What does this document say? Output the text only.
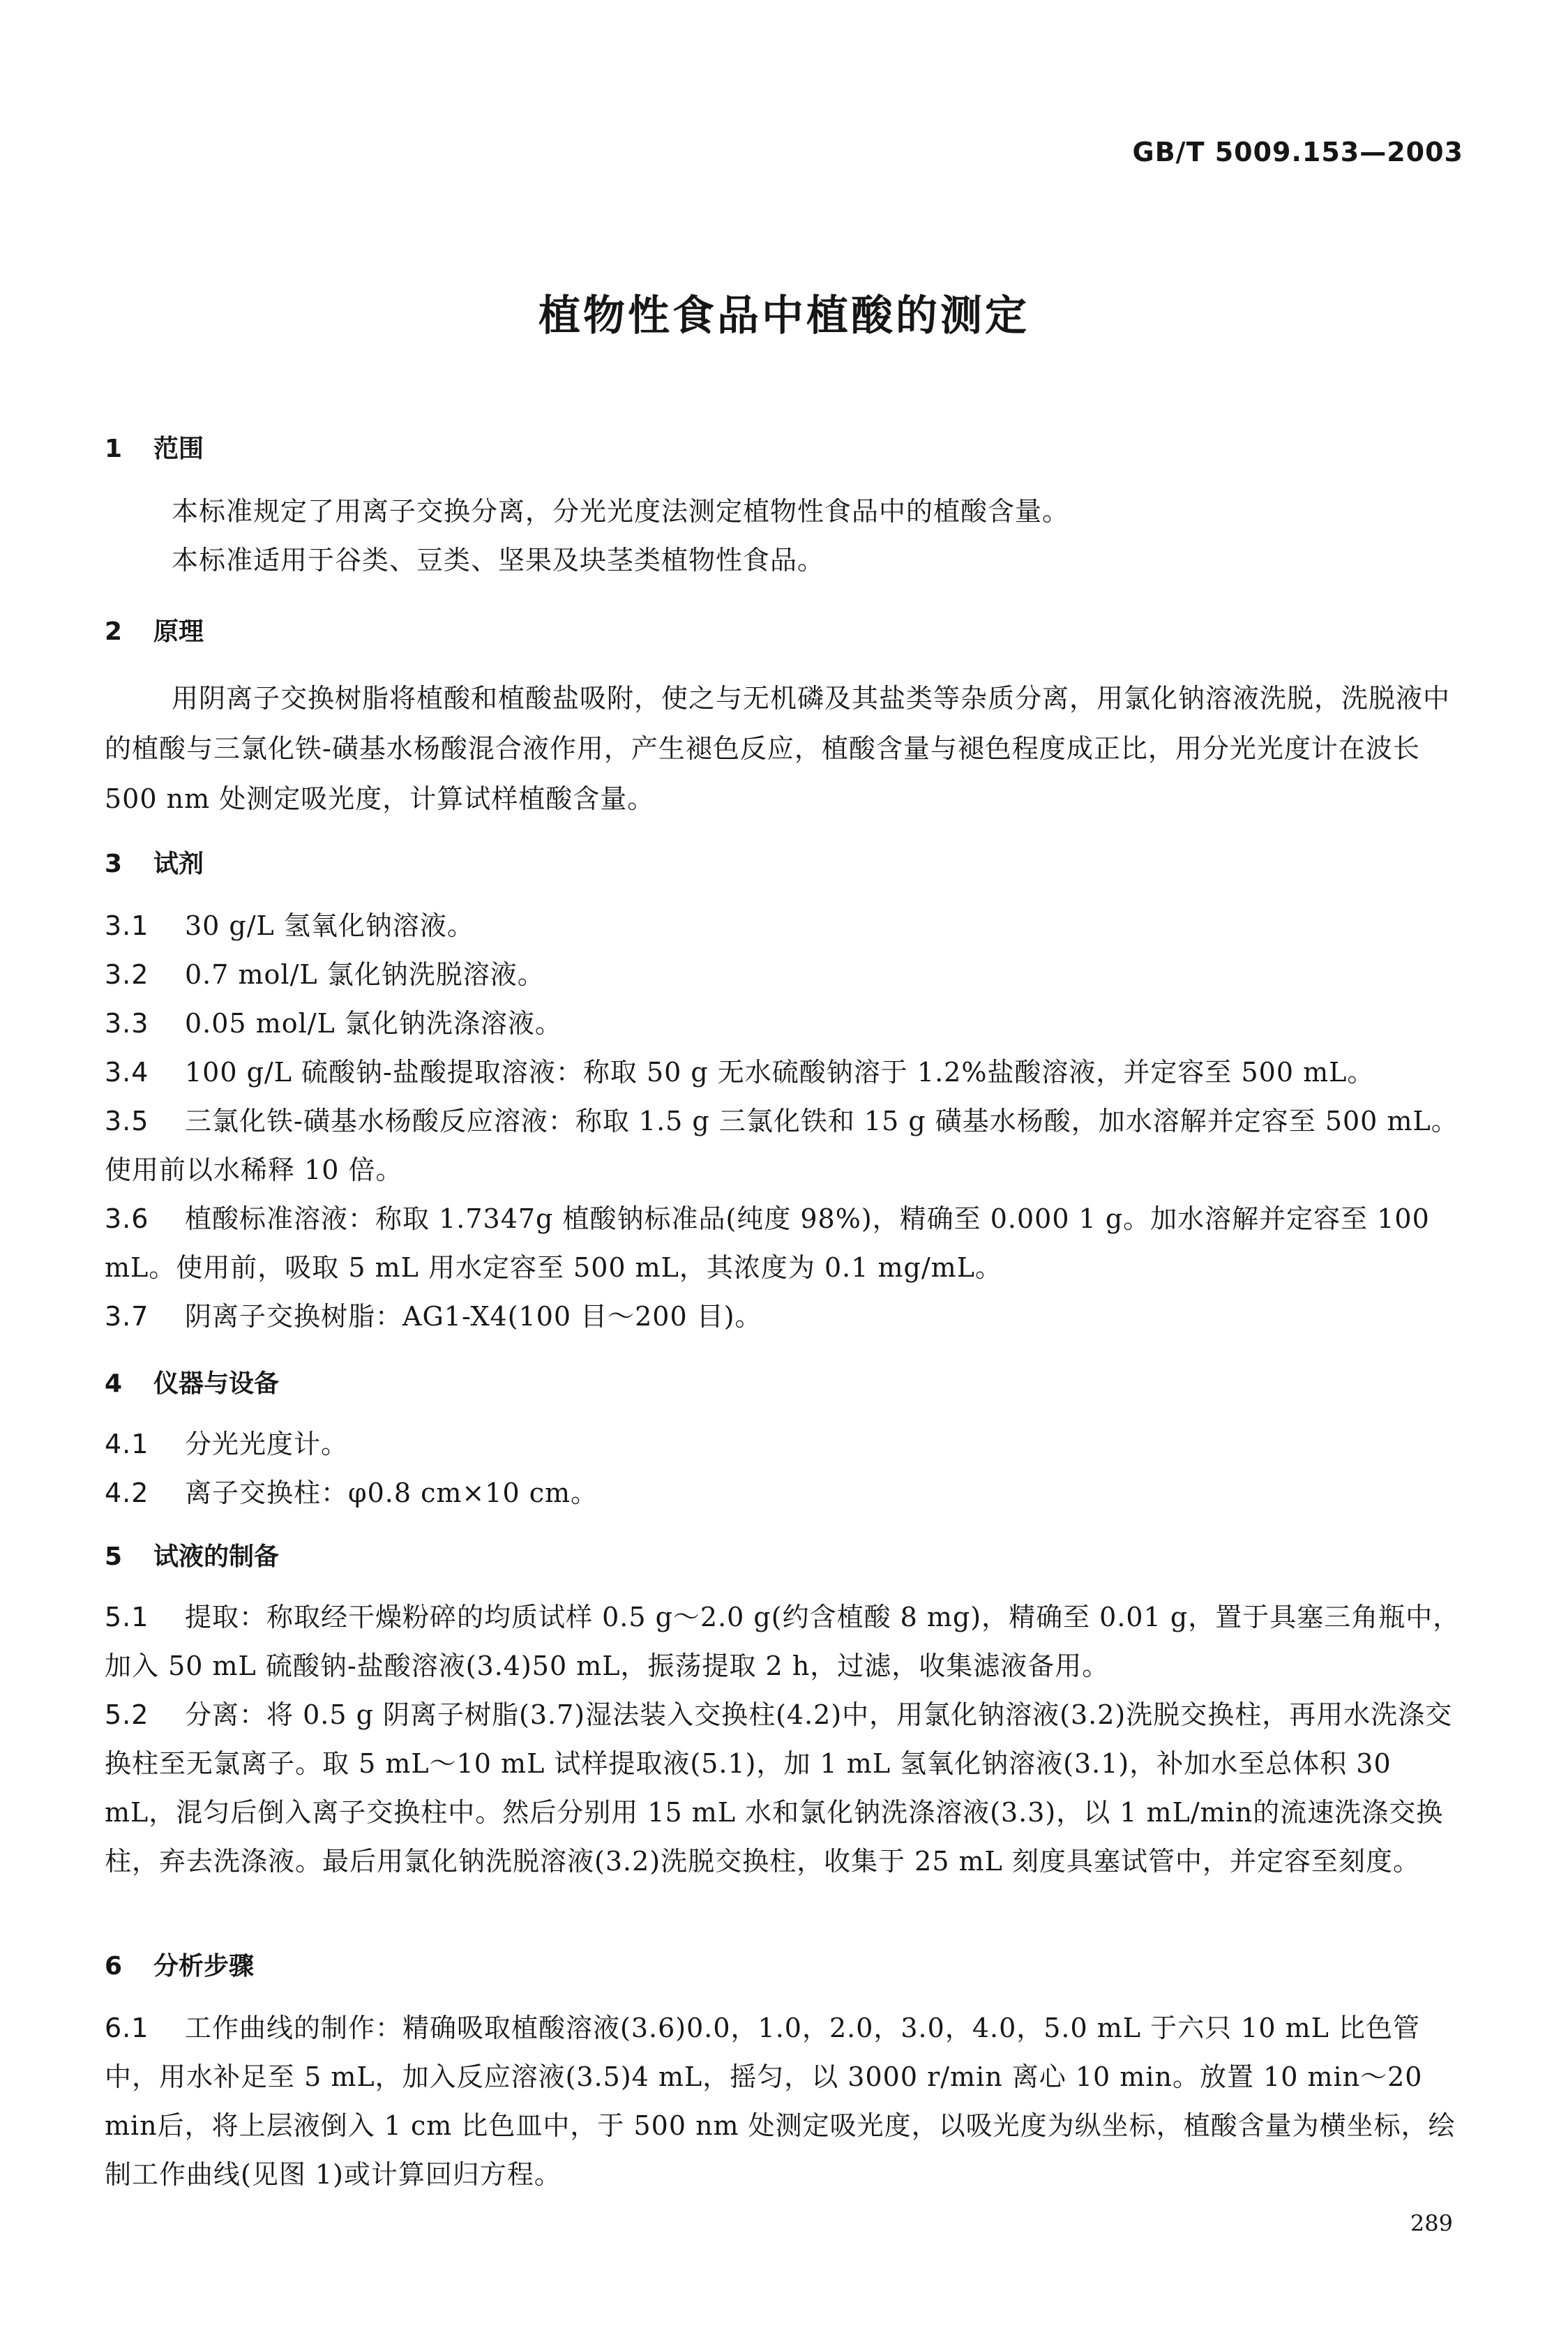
GB/T 5009.153—2003
植物性食品中植酸的测定
1 范围
本标准规定了用离子交换分离，分光光度法测定植物性食品中的植酸含量。
本标准适用于谷类、豆类、坚果及块茎类植物性食品。
2 原理
用阴离子交换树脂将植酸和植酸盐吸附，使之与无机磷及其盐类等杂质分离，用氯化钠溶液洗脱，洗脱液中的植酸与三氯化铁-磺基水杨酸混合液作用，产生褪色反应，植酸含量与褪色程度成正比，用分光光度计在波长 500 nm 处测定吸光度，计算试样植酸含量。
3 试剂
3.1 30 g/L 氢氧化钠溶液。
3.2 0.7 mol/L 氯化钠洗脱溶液。
3.3 0.05 mol/L 氯化钠洗涤溶液。
3.4 100 g/L 硫酸钠-盐酸提取溶液：称取 50 g 无水硫酸钠溶于 1.2%盐酸溶液，并定容至 500 mL。
3.5 三氯化铁-磺基水杨酸反应溶液：称取 1.5 g 三氯化铁和 15 g 磺基水杨酸，加水溶解并定容至 500 mL。使用前以水稀释 10 倍。
3.6 植酸标准溶液：称取 1.7347g 植酸钠标准品(纯度 98%)，精确至 0.000 1 g。加水溶解并定容至 100 mL。使用前，吸取 5 mL 用水定容至 500 mL，其浓度为 0.1 mg/mL。
3.7 阴离子交换树脂：AG1-X4(100 目～200 目)。
4 仪器与设备
4.1 分光光度计。
4.2 离子交换柱：φ0.8 cm×10 cm。
5 试液的制备
5.1 提取：称取经干燥粉碎的均质试样 0.5 g～2.0 g(约含植酸 8 mg)，精确至 0.01 g，置于具塞三角瓶中，加入 50 mL 硫酸钠-盐酸溶液(3.4)50 mL，振荡提取 2 h，过滤，收集滤液备用。
5.2 分离：将 0.5 g 阴离子树脂(3.7)湿法装入交换柱(4.2)中，用氯化钠溶液(3.2)洗脱交换柱，再用水洗涤交换柱至无氯离子。取 5 mL～10 mL 试样提取液(5.1)，加 1 mL 氢氧化钠溶液(3.1)，补加水至总体积 30 mL，混匀后倒入离子交换柱中。然后分别用 15 mL 水和氯化钠洗涤溶液(3.3)，以 1 mL/min的流速洗涤交换柱，弃去洗涤液。最后用氯化钠洗脱溶液(3.2)洗脱交换柱，收集于 25 mL 刻度具塞试管中，并定容至刻度。
6 分析步骤
6.1 工作曲线的制作：精确吸取植酸溶液(3.6)0.0，1.0，2.0，3.0，4.0，5.0 mL 于六只 10 mL 比色管中，用水补足至 5 mL，加入反应溶液(3.5)4 mL，摇匀，以 3000 r/min 离心 10 min。放置 10 min～20 min后，将上层液倒入 1 cm 比色皿中，于 500 nm 处测定吸光度，以吸光度为纵坐标，植酸含量为横坐标，绘制工作曲线(见图 1)或计算回归方程。
289
